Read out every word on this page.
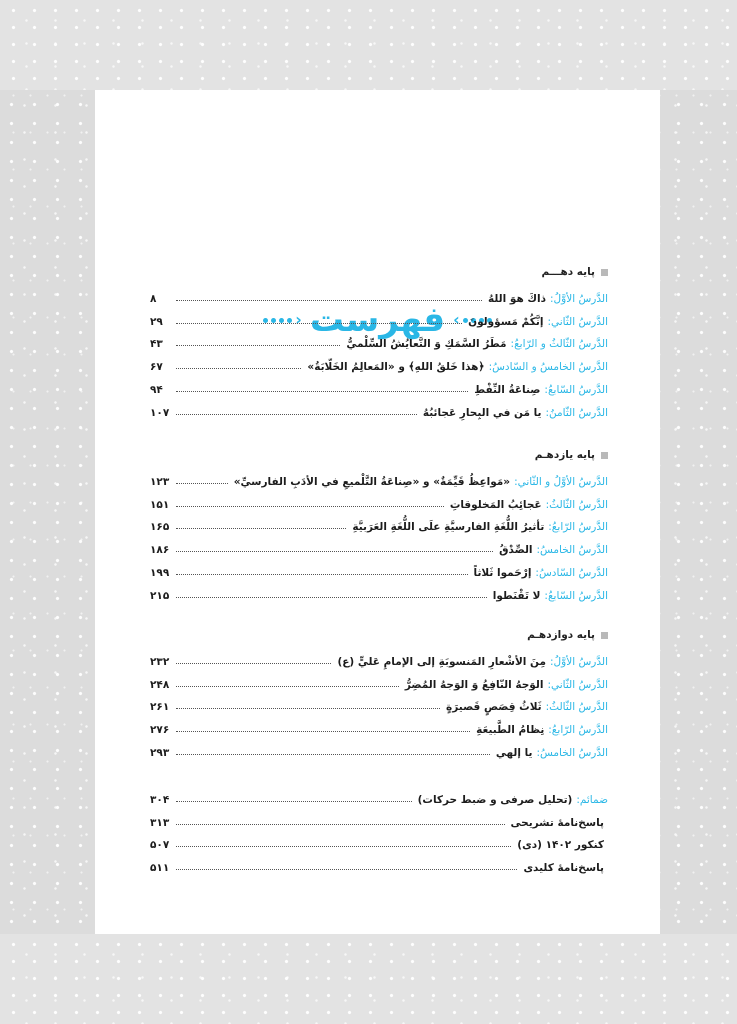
› فهرست ‹
پایه دهـــم
الدَّرسُ الأوَّلُ:
ذاكَ هوَ اللهُ
۸
الدَّرسُ الثّاني:
إنَّكُمْ مَسؤولونَ
۲۹
الدَّرسُ الثّالثُ و الرّابعُ:
مَطَرُ السَّمَكِ وَ التَّعايُشُ السِّلْميُّ
۴۳
الدَّرسُ الخامسُ و السّادسُ:
﴿هذا خَلقُ اللهِ﴾ و «المَعالِمُ الخَلّابَةُ»
۶۷
الدَّرسُ السّابعُ:
صِناعَةُ النِّفْطِ
۹۴
الدَّرسُ الثّامنُ:
يا مَن في البِحارِ عَجائبُهُ
۱۰۷
پایه یازدهـم
الدَّرسُ الأوَّلُ و الثّاني:
«مَواعِظُ قَيِّمَةٌ» و «صِناعَةُ التَّلْميعِ في الأدَبِ الفارسيِّ»
۱۲۳
الدَّرسُ الثّالثُ:
عَجائِبُ المَخلوقاتِ
۱۵۱
الدَّرسُ الرّابعُ:
تأثيرُ اللُّغَةِ الفارسيَّةِ علَى اللُّغَةِ العَرَبيَّةِ
۱۶۵
الدَّرسُ الخامسُ:
الصِّدْقُ
۱۸۶
الدَّرسُ السّادسُ:
إرْحَموا ثَلاثاً
۱۹۹
الدَّرسُ السّابعُ:
لا تَقْنَطوا
۲۱۵
پایه دوازدهـم
الدَّرسُ الأوَّلُ:
مِنَ الأشْعارِ المَنسوبَةِ إلى الإمامِ عَليٍّ (ع)
۲۳۲
الدَّرسُ الثّاني:
الوَجهُ النّافِعُ وَ الوَجهُ المُضِرُّ
۲۴۸
الدَّرسُ الثّالثُ:
ثَلاثُ قِصَصٍ قَصيرَةٍ
۲۶۱
الدَّرسُ الرّابعُ:
نِظامُ الطَّبيعَةِ
۲۷۶
الدَّرسُ الخامسُ:
يا إلهي
۲۹۳
ضمائم:
(تحلیل صرفی و ضبط حرکات)
۳۰۴
پاسخ‌نامهٔ تشریحی
۳۱۳
کنکور ۱۴۰۲ (دی)
۵۰۷
پاسخ‌نامهٔ کلیدی
۵۱۱
